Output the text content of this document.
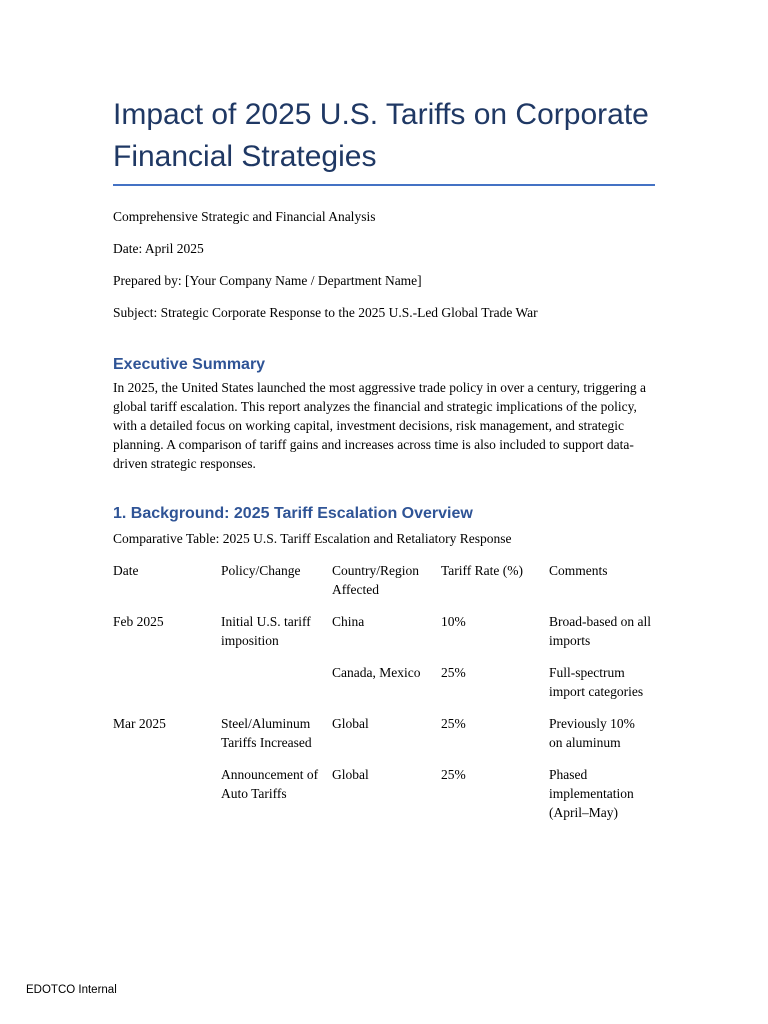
Impact of 2025 U.S. Tariffs on Corporate Financial Strategies

Comprehensive Strategic and Financial Analysis

Date: April 2025

Prepared by: [Your Company Name / Department Name]

Subject: Strategic Corporate Response to the 2025 U.S.-Led Global Trade War

Executive Summary

In 2025, the United States launched the most aggressive trade policy in over a century, triggering a global tariff escalation. This report analyzes the financial and strategic implications of the policy, with a detailed focus on working capital, investment decisions, risk management, and strategic planning. A comparison of tariff gains and increases across time is also included to support data-driven strategic responses.

1. Background: 2025 Tariff Escalation Overview

Comparative Table: 2025 U.S. Tariff Escalation and Retaliatory Response

Date	Policy/Change	Country/Region Affected	Tariff Rate (%)	Comments
Feb 2025	Initial U.S. tariff imposition	China	10%	Broad-based on all imports
		Canada, Mexico	25%	Full-spectrum import categories
Mar 2025	Steel/Aluminum Tariffs Increased	Global	25%	Previously 10% on aluminum
	Announcement of Auto Tariffs	Global	25%	Phased implementation (April–May)
EDOTCO Internal
